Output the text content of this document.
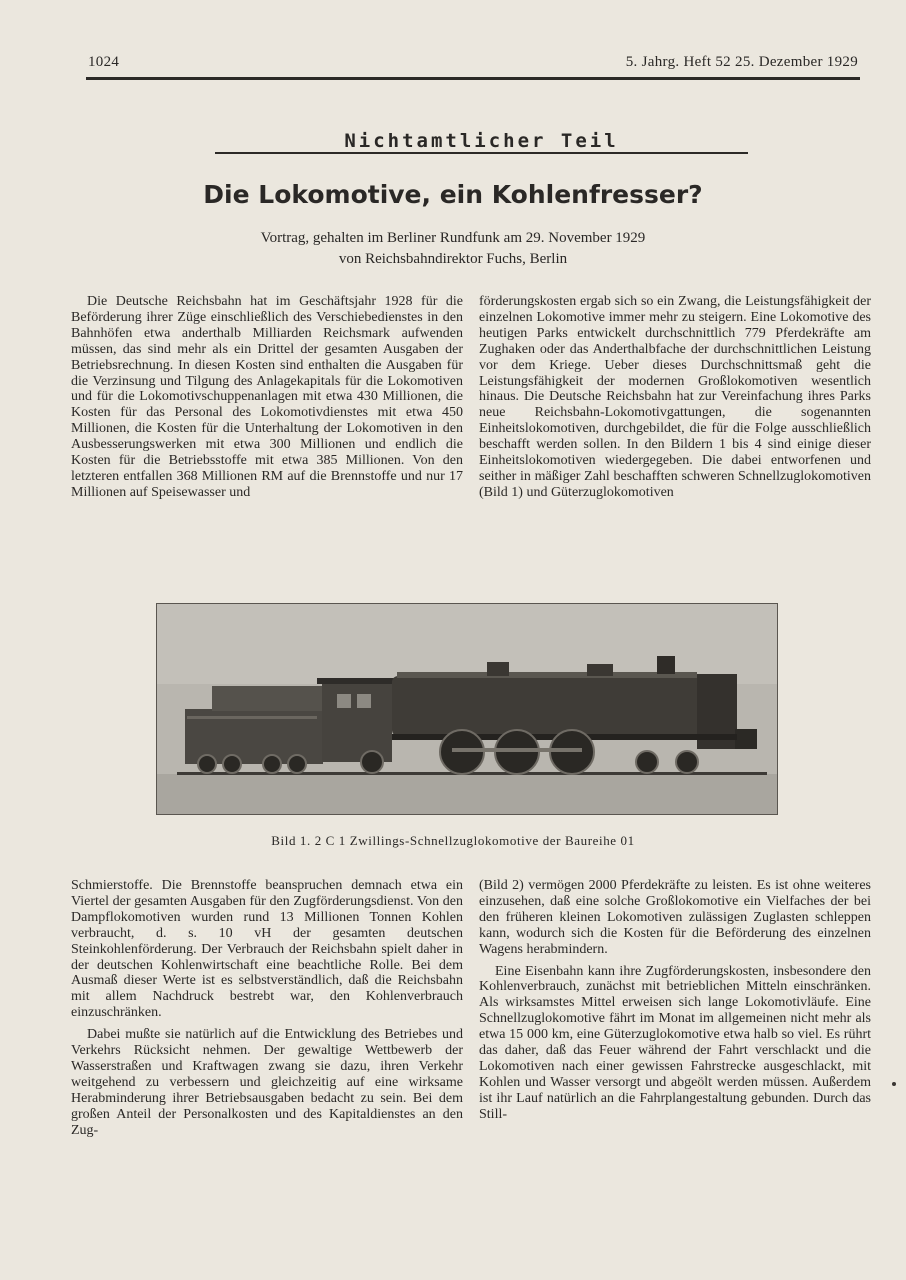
1024	5. Jahrg. Heft 52 25. Dezember 1929
Nichtamtlicher Teil
Die Lokomotive, ein Kohlenfresser?
Vortrag, gehalten im Berliner Rundfunk am 29. November 1929
von Reichsbahndirektor Fuchs, Berlin

Die Deutsche Reichsbahn hat im Geschäftsjahr 1928 für die Beförderung ihrer Züge einschließlich des Verschiebedienstes in den Bahnhöfen etwa anderthalb Milliarden Reichsmark aufwenden müssen, das sind mehr als ein Drittel der gesamten Ausgaben der Betriebsrechnung. In diesen Kosten sind enthalten die Ausgaben für die Verzinsung und Tilgung des Anlagekapitals für die Lokomotiven und für die Lokomotivschuppenanlagen mit etwa 430 Millionen, die Kosten für das Personal des Lokomotivdienstes mit etwa 450 Millionen, die Kosten für die Unterhaltung der Lokomotiven in den Ausbesserungswerken mit etwa 300 Millionen und endlich die Kosten für die Betriebsstoffe mit etwa 385 Millionen. Von den letzteren entfallen 368 Millionen RM auf die Brennstoffe und nur 17 Millionen auf Speisewasser und

förderungskosten ergab sich so ein Zwang, die Leistungsfähigkeit der einzelnen Lokomotive immer mehr zu steigern. Eine Lokomotive des heutigen Parks entwickelt durchschnittlich 779 Pferdekräfte am Zughaken oder das Anderthalbfache der durchschnittlichen Leistung vor dem Kriege. Ueber dieses Durchschnittsmaß geht die Leistungsfähigkeit der modernen Großlokomotiven wesentlich hinaus. Die Deutsche Reichsbahn hat zur Vereinfachung ihres Parks neue Reichsbahn-Lokomotivgattungen, die sogenannten Einheitslokomotiven, durchgebildet, die für die Folge ausschließlich beschafft werden sollen. In den Bildern 1 bis 4 sind einige dieser Einheitslokomotiven wiedergegeben. Die dabei entworfenen und seither in mäßiger Zahl beschafften schweren Schnellzuglokomotiven (Bild 1) und Güterzuglokomotiven

Bild 1. 2 C 1 Zwillings-Schnellzuglokomotive der Baureihe 01

Schmierstoffe. Die Brennstoffe beanspruchen demnach etwa ein Viertel der gesamten Ausgaben für den Zugförderungsdienst. Von den Dampflokomotiven wurden rund 13 Millionen Tonnen Kohlen verbraucht, d. s. 10 vH der gesamten deutschen Steinkohlenförderung. Der Verbrauch der Reichsbahn spielt daher in der deutschen Kohlenwirtschaft eine beachtliche Rolle. Bei dem Ausmaß dieser Werte ist es selbstverständlich, daß die Reichsbahn mit allem Nachdruck bestrebt war, den Kohlenverbrauch einzuschränken.

Dabei mußte sie natürlich auf die Entwicklung des Betriebes und Verkehrs Rücksicht nehmen. Der gewaltige Wettbewerb der Wasserstraßen und Kraftwagen zwang sie dazu, ihren Verkehr weitgehend zu verbessern und gleichzeitig auf eine wirksame Herabminderung ihrer Betriebsausgaben bedacht zu sein. Bei dem großen Anteil der Personalkosten und des Kapitaldienstes an den Zug-

(Bild 2) vermögen 2000 Pferdekräfte zu leisten. Es ist ohne weiteres einzusehen, daß eine solche Großlokomotive ein Vielfaches der bei den früheren kleinen Lokomotiven zulässigen Zuglasten schleppen kann, wodurch sich die Kosten für die Beförderung des einzelnen Wagens herabmindern.

Eine Eisenbahn kann ihre Zugförderungskosten, insbesondere den Kohlenverbrauch, zunächst mit betrieblichen Mitteln einschränken. Als wirksamstes Mittel erweisen sich lange Lokomotivläufe. Eine Schnellzuglokomotive fährt im Monat im allgemeinen nicht mehr als etwa 15 000 km, eine Güterzuglokomotive etwa halb so viel. Es rührt das daher, daß das Feuer während der Fahrt verschlackt und die Lokomotiven nach einer gewissen Fahrstrecke ausgeschlackt, mit Kohlen und Wasser versorgt und abgeölt werden müssen. Außerdem ist ihr Lauf natürlich an die Fahrplangestaltung gebunden. Durch das Still-
